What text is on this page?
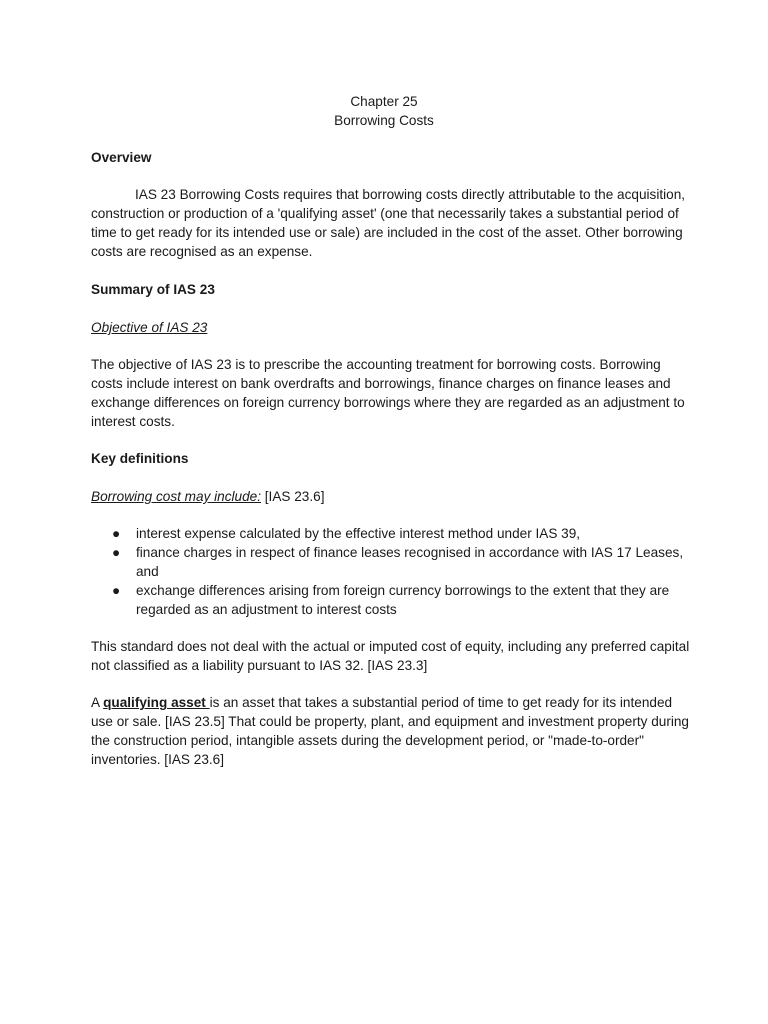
Chapter 25
Borrowing Costs
Overview

IAS 23 Borrowing Costs requires that borrowing costs directly attributable to the acquisition, construction or production of a 'qualifying asset' (one that necessarily takes a substantial period of time to get ready for its intended use or sale) are included in the cost of the asset. Other borrowing costs are recognised as an expense.

Summary of IAS 23
Objective of IAS 23

The objective of IAS 23 is to prescribe the accounting treatment for borrowing costs. Borrowing costs include interest on bank overdrafts and borrowings, finance charges on finance leases and exchange differences on foreign currency borrowings where they are regarded as an adjustment to interest costs.

Key definitions
Borrowing cost may include: [IAS 23.6]
● interest expense calculated by the effective interest method under IAS 39,
● finance charges in respect of finance leases recognised in accordance with IAS 17 Leases, and
● exchange differences arising from foreign currency borrowings to the extent that they are regarded as an adjustment to interest costs

This standard does not deal with the actual or imputed cost of equity, including any preferred capital not classified as a liability pursuant to IAS 32. [IAS 23.3]

A qualifying asset is an asset that takes a substantial period of time to get ready for its intended use or sale. [IAS 23.5] That could be property, plant, and equipment and investment property during the construction period, intangible assets during the development period, or "made-to-order" inventories. [IAS 23.6]
